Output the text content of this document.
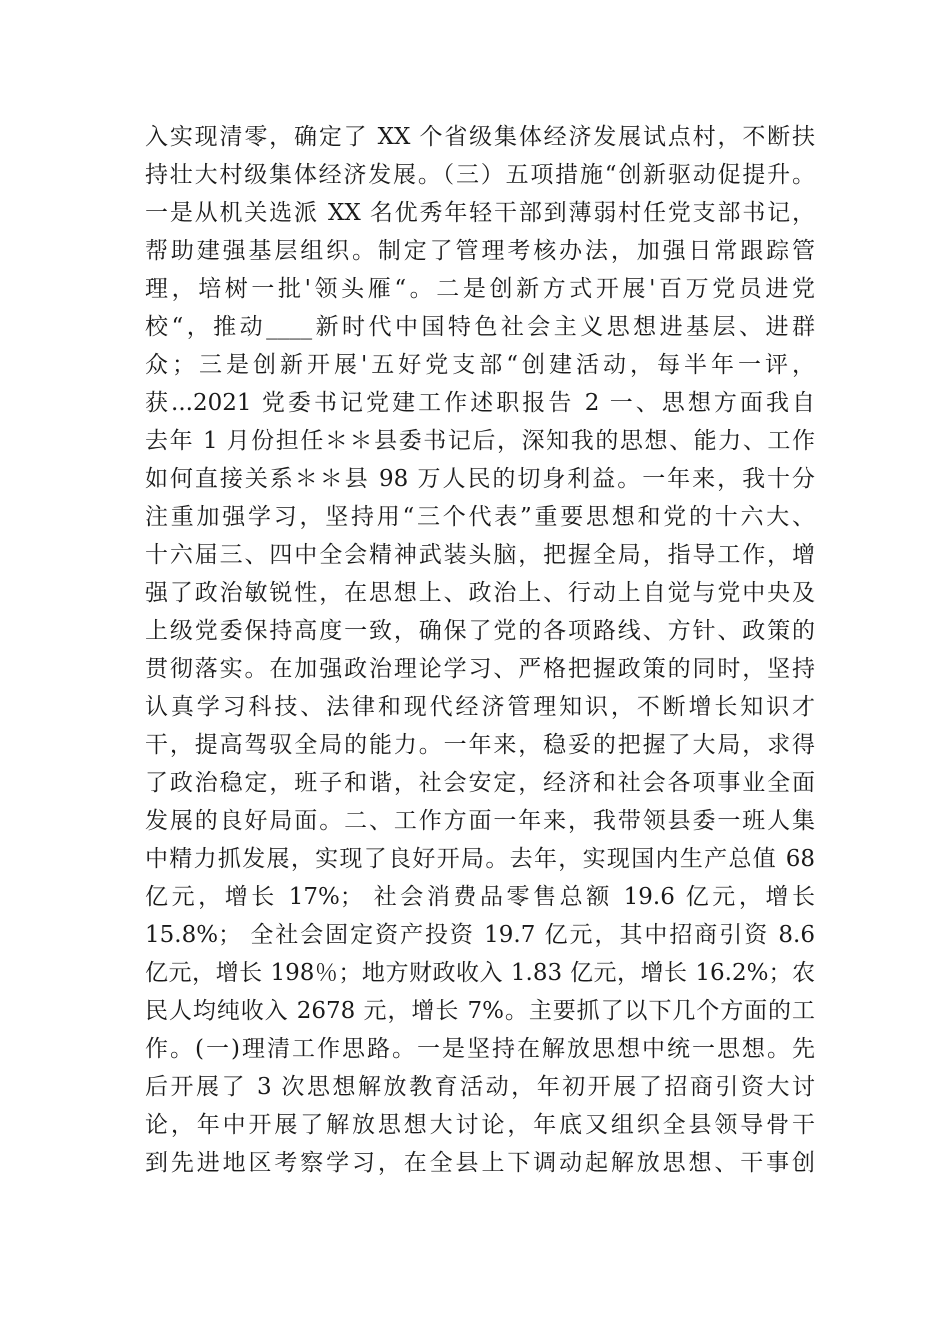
入实现清零，确定了 XX 个省级集体经济发展试点村，不断扶
持壮大村级集体经济发展。（三）五项措施“创新驱动促提升。
一是从机关选派 XX 名优秀年轻干部到薄弱村任党支部书记，
帮助建强基层组织。制定了管理考核办法，加强日常跟踪管
理，培树一批'领头雁“。二是创新方式开展'百万党员进党
校“，推动____新时代中国特色社会主义思想进基层、进群
众；三是创新开展'五好党支部“创建活动，每半年一评，
获...2021 党委书记党建工作述职报告 2 一、思想方面我自
去年 1 月份担任＊＊县委书记后，深知我的思想、能力、工作
如何直接关系＊＊县 98 万人民的切身利益。一年来，我十分
注重加强学习，坚持用“三个代表”重要思想和党的十六大、
十六届三、四中全会精神武装头脑，把握全局，指导工作，增
强了政治敏锐性，在思想上、政治上、行动上自觉与党中央及
上级党委保持高度一致，确保了党的各项路线、方针、政策的
贯彻落实。在加强政治理论学习、严格把握政策的同时，坚持
认真学习科技、法律和现代经济管理知识，不断增长知识才
干，提高驾驭全局的能力。一年来，稳妥的把握了大局，求得
了政治稳定，班子和谐，社会安定，经济和社会各项事业全面
发展的良好局面。二、工作方面一年来，我带领县委一班人集
中精力抓发展，实现了良好开局。去年，实现国内生产总值 68
亿元，增长 17%； 社会消费品零售总额 19.6 亿元，增长
15.8%； 全社会固定资产投资 19.7 亿元，其中招商引资 8.6
亿元，增长 198％；地方财政收入 1.83 亿元，增长 16.2%；农
民人均纯收入 2678 元，增长 7%。主要抓了以下几个方面的工
作。(一)理清工作思路。一是坚持在解放思想中统一思想。先
后开展了 3 次思想解放教育活动，年初开展了招商引资大讨
论，年中开展了解放思想大讨论，年底又组织全县领导骨干
到先进地区考察学习，在全县上下调动起解放思想、干事创
